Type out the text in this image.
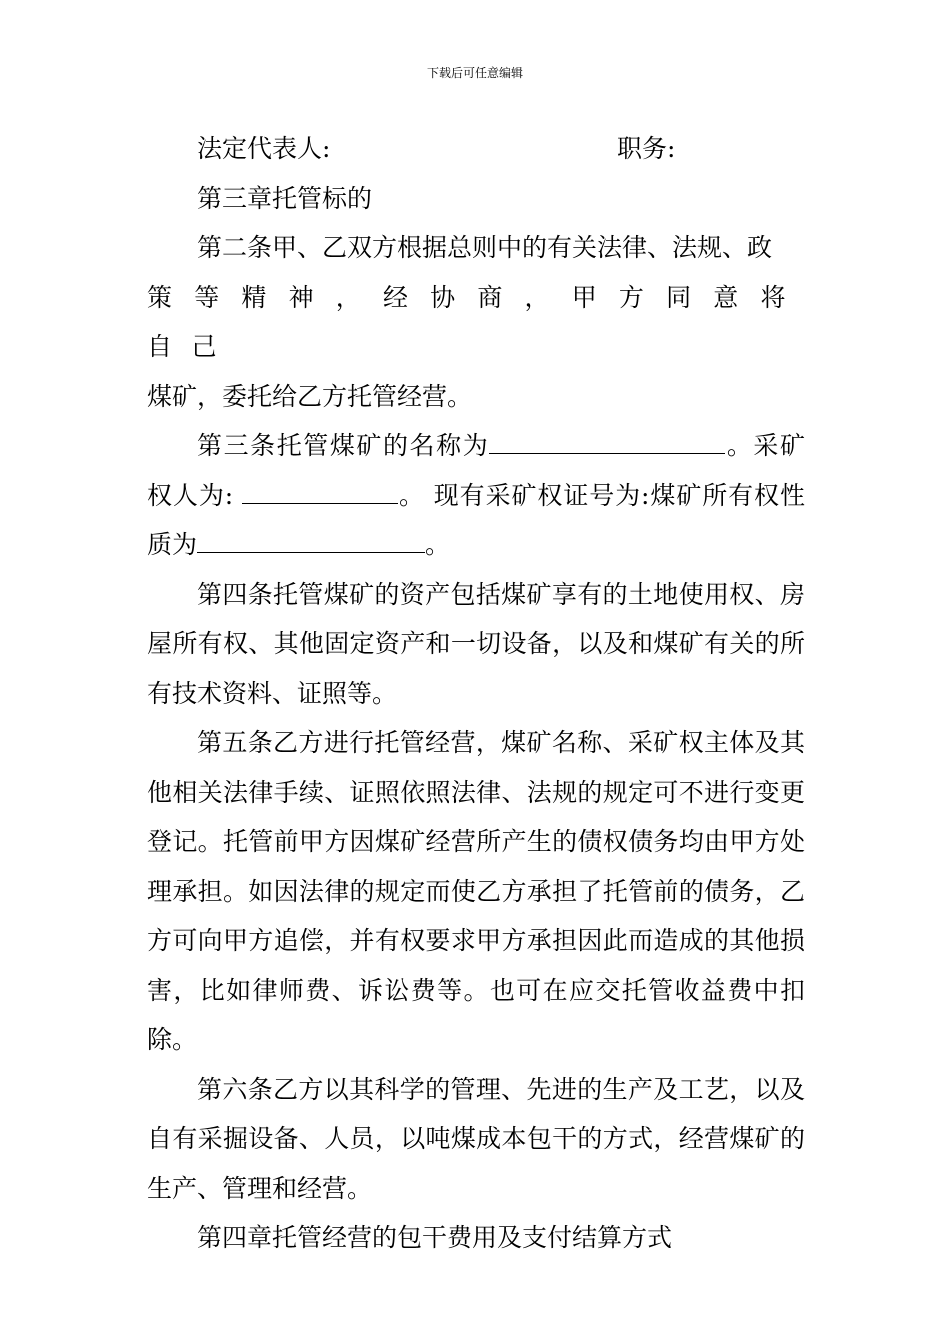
下载后可任意编辑
法定代表人:	职务:

第三章托管标的

第二条甲、乙双方根据总则中的有关法律、法规、政

策等精神，经协商，甲方同意将自己

煤矿，委托给乙方托管经营。

第三条托管煤矿的名称为	。采矿权人为:	。 现有采矿权证号为:煤矿所有权性质为	。

第四条托管煤矿的资产包括煤矿享有的土地使用权、房屋所有权、其他固定资产和一切设备，以及和煤矿有关的所有技术资料、证照等。

第五条乙方进行托管经营，煤矿名称、采矿权主体及其他相关法律手续、证照依照法律、法规的规定可不进行变更登记。托管前甲方因煤矿经营所产生的债权债务均由甲方处理承担。如因法律的规定而使乙方承担了托管前的债务，乙方可向甲方追偿，并有权要求甲方承担因此而造成的其他损害，比如律师费、诉讼费等。也可在应交托管收益费中扣除。

第六条乙方以其科学的管理、先进的生产及工艺，以及自有采掘设备、人员，以吨煤成本包干的方式，经营煤矿的生产、管理和经营。

第四章托管经营的包干费用及支付结算方式
